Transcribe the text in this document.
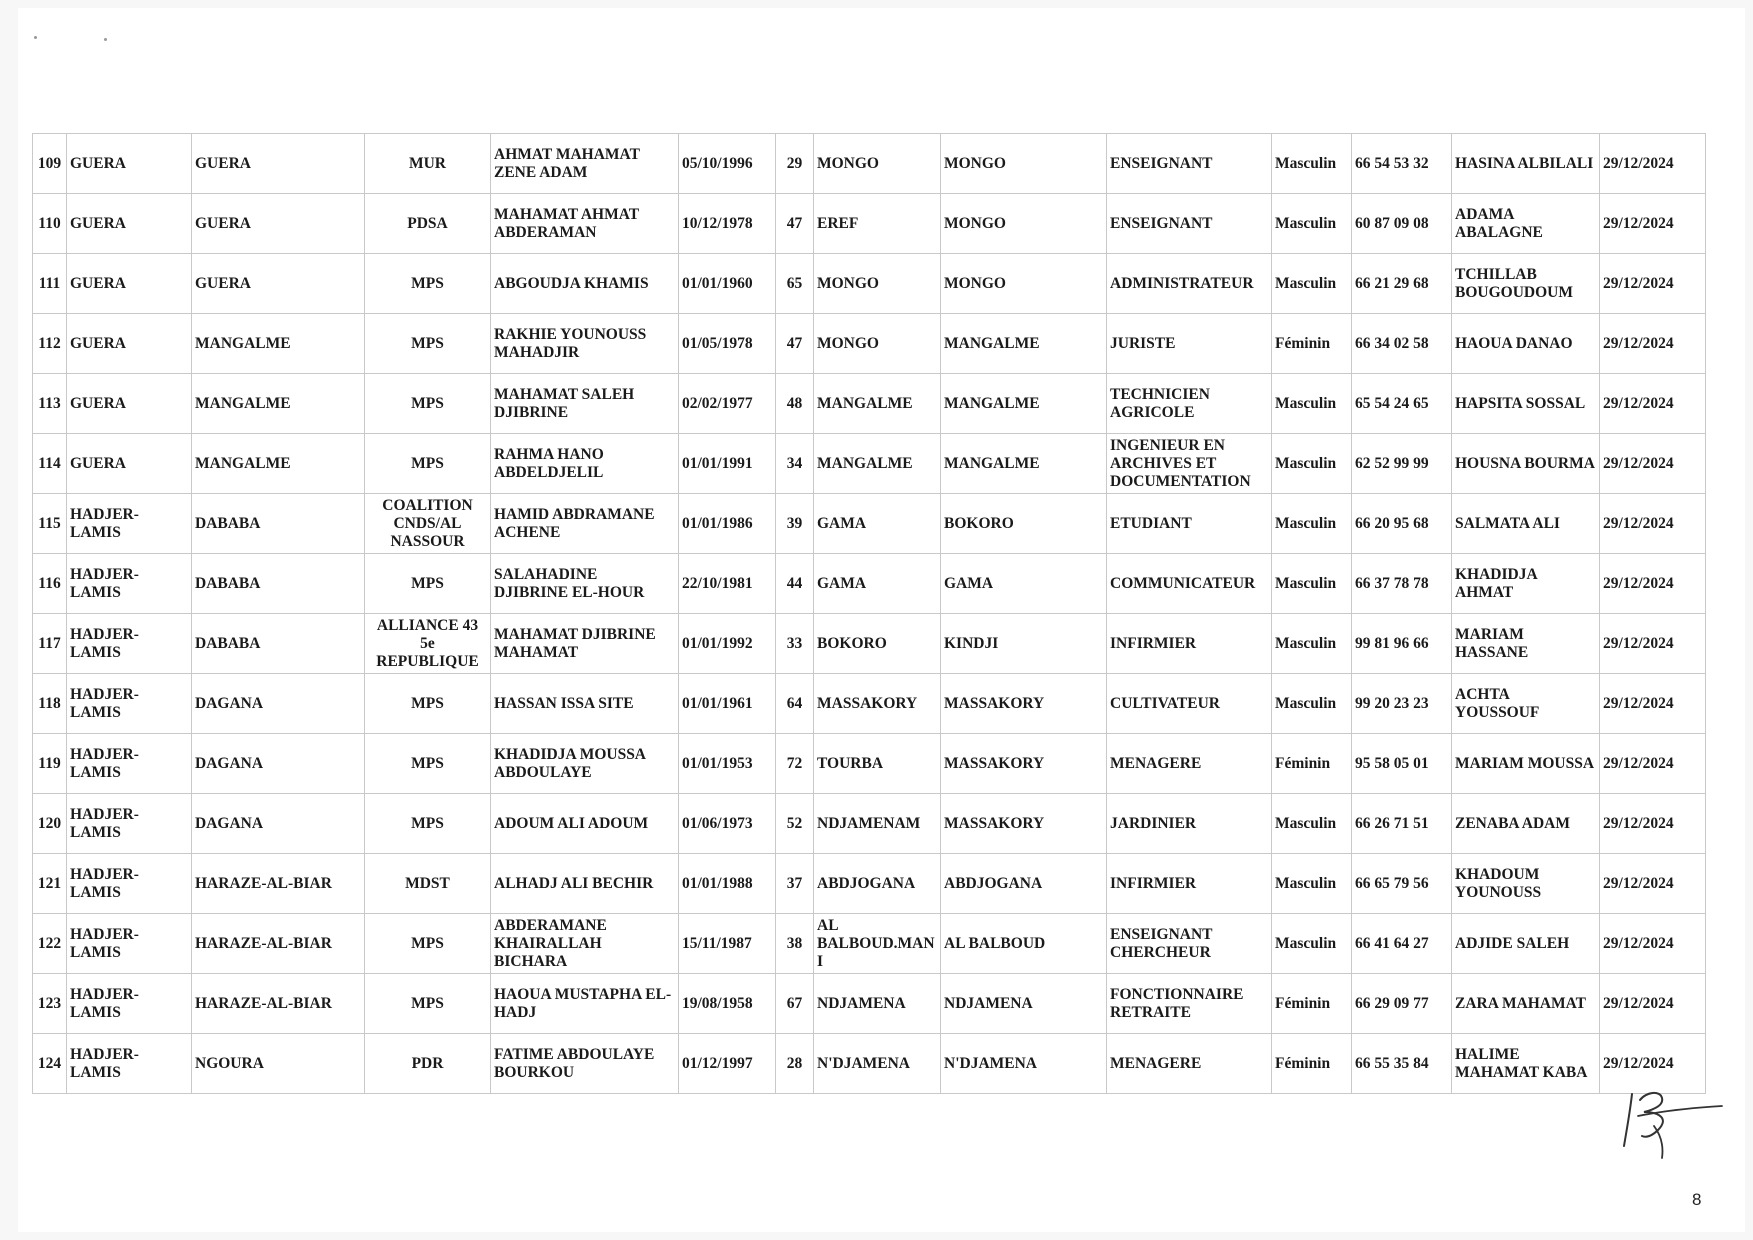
109	GUERA	GUERA	MUR	AHMAT MAHAMAT ZENE ADAM	05/10/1996	29	MONGO	MONGO	ENSEIGNANT	Masculin	66 54 53 32	HASINA ALBILALI	29/12/2024
110	GUERA	GUERA	PDSA	MAHAMAT AHMAT ABDERAMAN	10/12/1978	47	EREF	MONGO	ENSEIGNANT	Masculin	60 87 09 08	ADAMA ABALAGNE	29/12/2024
111	GUERA	GUERA	MPS	ABGOUDJA KHAMIS	01/01/1960	65	MONGO	MONGO	ADMINISTRATEUR	Masculin	66 21 29 68	TCHILLAB BOUGOUDOUM	29/12/2024
112	GUERA	MANGALME	MPS	RAKHIE YOUNOUSS MAHADJIR	01/05/1978	47	MONGO	MANGALME	JURISTE	Féminin	66 34 02 58	HAOUA DANAO	29/12/2024
113	GUERA	MANGALME	MPS	MAHAMAT SALEH DJIBRINE	02/02/1977	48	MANGALME	MANGALME	TECHNICIEN AGRICOLE	Masculin	65 54 24 65	HAPSITA SOSSAL	29/12/2024
114	GUERA	MANGALME	MPS	RAHMA HANO ABDELDJELIL	01/01/1991	34	MANGALME	MANGALME	INGENIEUR EN ARCHIVES ET DOCUMENTATION	Masculin	62 52 99 99	HOUSNA BOURMA	29/12/2024
115	HADJER-LAMIS	DABABA	COALITION CNDS/AL NASSOUR	HAMID ABDRAMANE ACHENE	01/01/1986	39	GAMA	BOKORO	ETUDIANT	Masculin	66 20 95 68	SALMATA ALI	29/12/2024
116	HADJER-LAMIS	DABABA	MPS	SALAHADINE DJIBRINE EL-HOUR	22/10/1981	44	GAMA	GAMA	COMMUNICATEUR	Masculin	66 37 78 78	KHADIDJA AHMAT	29/12/2024
117	HADJER-LAMIS	DABABA	ALLIANCE 43 5e REPUBLIQUE	MAHAMAT DJIBRINE MAHAMAT	01/01/1992	33	BOKORO	KINDJI	INFIRMIER	Masculin	99 81 96 66	MARIAM HASSANE	29/12/2024
118	HADJER-LAMIS	DAGANA	MPS	HASSAN ISSA SITE	01/01/1961	64	MASSAKORY	MASSAKORY	CULTIVATEUR	Masculin	99 20 23 23	ACHTA YOUSSOUF	29/12/2024
119	HADJER-LAMIS	DAGANA	MPS	KHADIDJA MOUSSA ABDOULAYE	01/01/1953	72	TOURBA	MASSAKORY	MENAGERE	Féminin	95 58 05 01	MARIAM MOUSSA	29/12/2024
120	HADJER-LAMIS	DAGANA	MPS	ADOUM ALI ADOUM	01/06/1973	52	NDJAMENAM	MASSAKORY	JARDINIER	Masculin	66 26 71 51	ZENABA ADAM	29/12/2024
121	HADJER-LAMIS	HARAZE-AL-BIAR	MDST	ALHADJ ALI BECHIR	01/01/1988	37	ABDJOGANA	ABDJOGANA	INFIRMIER	Masculin	66 65 79 56	KHADOUM YOUNOUSS	29/12/2024
122	HADJER-LAMIS	HARAZE-AL-BIAR	MPS	ABDERAMANE KHAIRALLAH BICHARA	15/11/1987	38	AL BALBOUD.MANI	AL BALBOUD	ENSEIGNANT CHERCHEUR	Masculin	66 41 64 27	ADJIDE SALEH	29/12/2024
123	HADJER-LAMIS	HARAZE-AL-BIAR	MPS	HAOUA MUSTAPHA EL-HADJ	19/08/1958	67	NDJAMENA	NDJAMENA	FONCTIONNAIRE RETRAITE	Féminin	66 29 09 77	ZARA MAHAMAT	29/12/2024
124	HADJER-LAMIS	NGOURA	PDR	FATIME ABDOULAYE BOURKOU	01/12/1997	28	N'DJAMENA	N'DJAMENA	MENAGERE	Féminin	66 55 35 84	HALIME MAHAMAT KABA	29/12/2024
8
